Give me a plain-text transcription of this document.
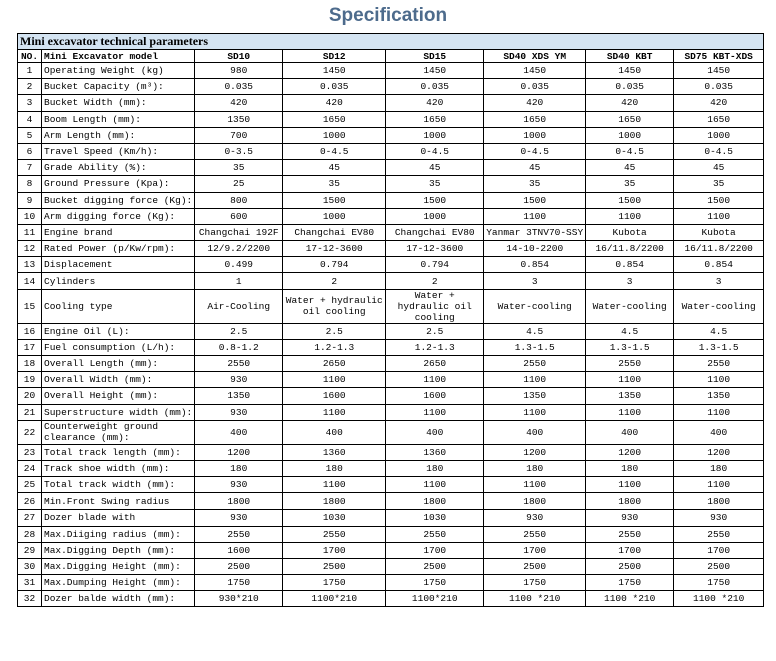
Specification
Mini excavator technical parameters							
NO.	Mini Excavator model	SD10	SD12	SD15	SD40 XDS YM	SD40 KBT	SD75 KBT-XDS
1	Operating Weight (kg)	980	1450	1450	1450	1450	1450
2	Bucket Capacity (m³):	0.035	0.035	0.035	0.035	0.035	0.035
3	Bucket Width (mm):	420	420	420	420	420	420
4	Boom Length (mm):	1350	1650	1650	1650	1650	1650
5	Arm Length (mm):	700	1000	1000	1000	1000	1000
6	Travel Speed (Km/h):	0-3.5	0-4.5	0-4.5	0-4.5	0-4.5	0-4.5
7	Grade Ability (%):	35	45	45	45	45	45
8	Ground Pressure (Kpa):	25	35	35	35	35	35
9	Bucket digging force (Kg):	800	1500	1500	1500	1500	1500
10	Arm digging force (Kg):	600	1000	1000	1100	1100	1100
11	Engine brand	Changchai 192F	Changchai EV80	Changchai EV80	Yanmar 3TNV70-SSY	Kubota	Kubota
12	Rated Power (p/Kw/rpm):	12/9.2/2200	17-12-3600	17-12-3600	14-10-2200	16/11.8/2200	16/11.8/2200
13	Displacement	0.499	0.794	0.794	0.854	0.854	0.854
14	Cylinders	1	2	2	3	3	3
15	Cooling type	Air-Cooling	Water + hydraulic oil cooling	Water + hydraulic oil cooling	Water-cooling	Water-cooling	Water-cooling
16	Engine Oil (L):	2.5	2.5	2.5	4.5	4.5	4.5
17	Fuel consumption (L/h):	0.8-1.2	1.2-1.3	1.2-1.3	1.3-1.5	1.3-1.5	1.3-1.5
18	Overall Length (mm):	2550	2650	2650	2550	2550	2550
19	Overall Width (mm):	930	1100	1100	1100	1100	1100
20	Overall Height (mm):	1350	1600	1600	1350	1350	1350
21	Superstructure width (mm):	930	1100	1100	1100	1100	1100
22	Counterweight ground clearance (mm):	400	400	400	400	400	400
23	Total track length (mm):	1200	1360	1360	1200	1200	1200
24	Track shoe width (mm):	180	180	180	180	180	180
25	Total track width (mm):	930	1100	1100	1100	1100	1100
26	Min.Front Swing radius	1800	1800	1800	1800	1800	1800
27	Dozer blade with	930	1030	1030	930	930	930
28	Max.Diiging radius (mm):	2550	2550	2550	2550	2550	2550
29	Max.Digging Depth (mm):	1600	1700	1700	1700	1700	1700
30	Max.Digging Height (mm):	2500	2500	2500	2500	2500	2500
31	Max.Dumping Height (mm):	1750	1750	1750	1750	1750	1750
32	Dozer balde width (mm):	930*210	1100*210	1100*210	1100 *210	1100 *210	1100 *210
